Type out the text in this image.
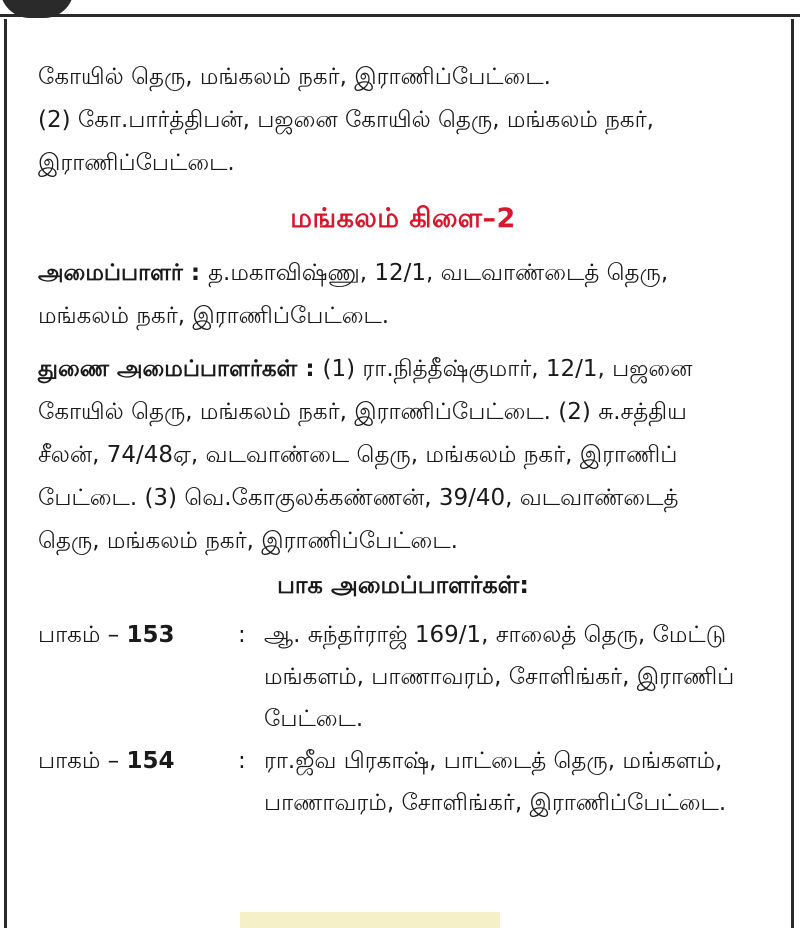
கோயில் தெரு, மங்கலம் நகர், இராணிப்பேட்டை.
(2) கோ.பார்த்திபன், பஜனை கோயில் தெரு, மங்கலம் நகர்,
இராணிப்பேட்டை.
மங்கலம் கிளை–2
அமைப்பாளர் : த.மகாவிஷ்ணு, 12/1, வடவாண்டைத் தெரு,
மங்கலம் நகர், இராணிப்பேட்டை.
துணை அமைப்பாளர்கள் : (1) ரா.நித்தீஷ்குமார், 12/1, பஜனை
கோயில் தெரு, மங்கலம் நகர், இராணிப்பேட்டை. (2) சு.சத்திய
சீலன், 74/48ஏ, வடவாண்டை தெரு, மங்கலம் நகர், இராணிப்
பேட்டை. (3) வெ.கோகுலக்கண்ணன், 39/40, வடவாண்டைத்
தெரு, மங்கலம் நகர், இராணிப்பேட்டை.
பாக அமைப்பாளர்கள்:
பாகம் – 153	: ஆ. சுந்தர்ராஜ் 169/1, சாலைத் தெரு, மேட்டு
மங்களம், பாணாவரம், சோளிங்கர், இராணிப்
பேட்டை.
பாகம் – 154	: ரா.ஜீவ பிரகாஷ், பாட்டைத் தெரு, மங்களம்,
பாணாவரம், சோளிங்கர், இராணிப்பேட்டை.
